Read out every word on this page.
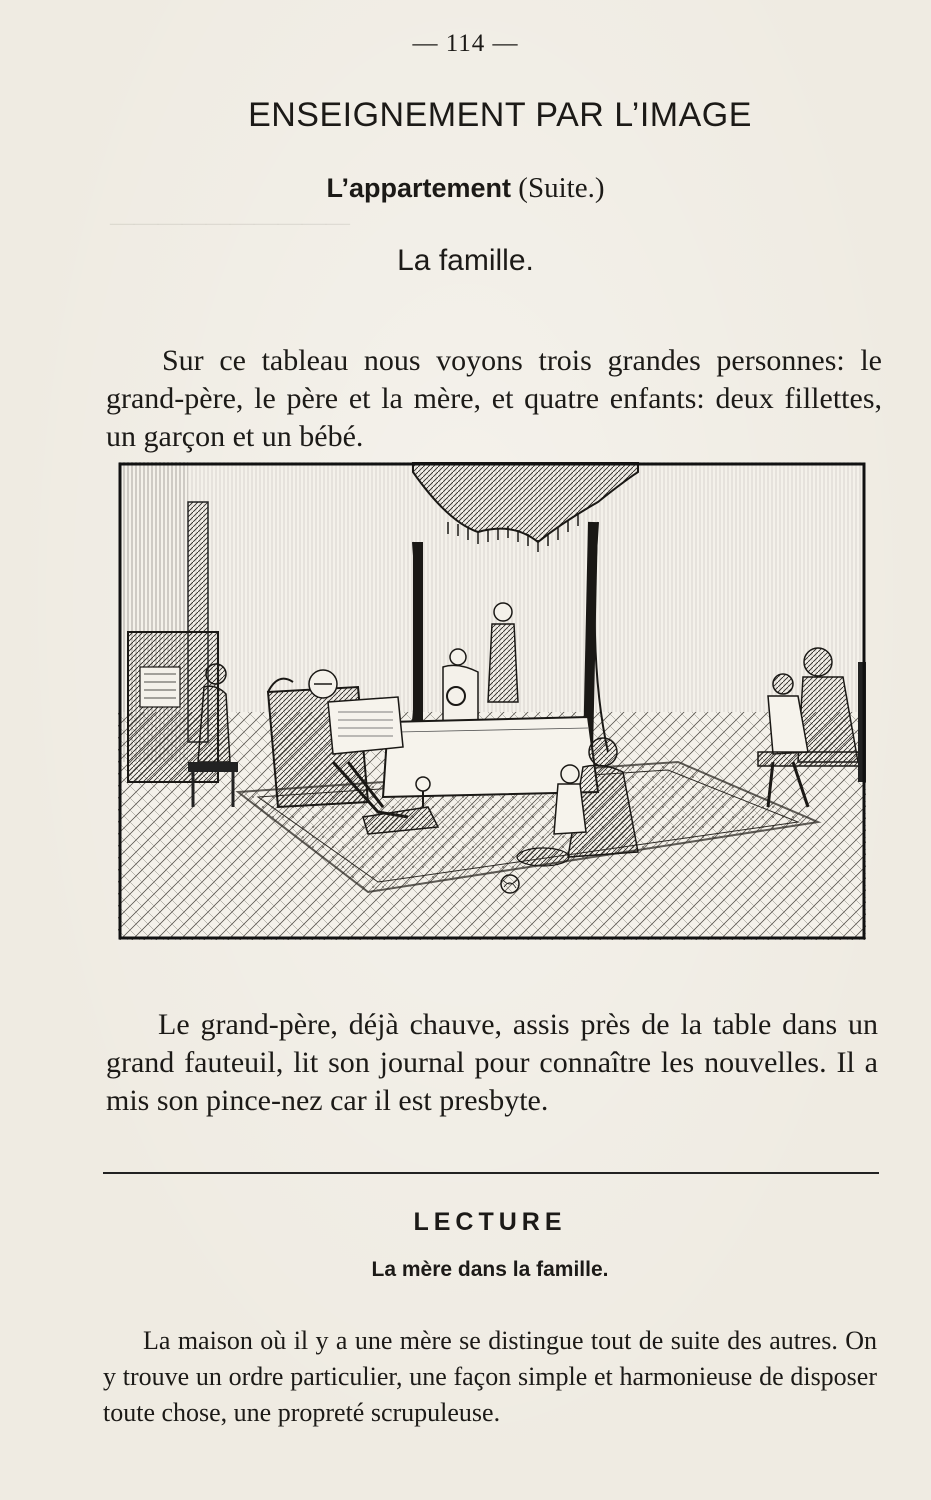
——————————
— 114 —
ENSEIGNEMENT PAR L’IMAGE
L’appartement (Suite.)
La famille.

Sur ce tableau nous voyons trois grandes personnes: le grand-père, le père et la mère, et quatre enfants: deux fillettes, un garçon et un bébé.

Le grand-père, déjà chauve, assis près de la table dans un grand fauteuil, lit son journal pour connaître les nouvelles. Il a mis son pince-nez car il est presbyte.

LECTURE
La mère dans la famille.

La maison où il y a une mère se distingue tout de suite des autres. On y trouve un ordre particulier, une façon simple et harmonieuse de disposer toute chose, une propreté scrupuleuse.
